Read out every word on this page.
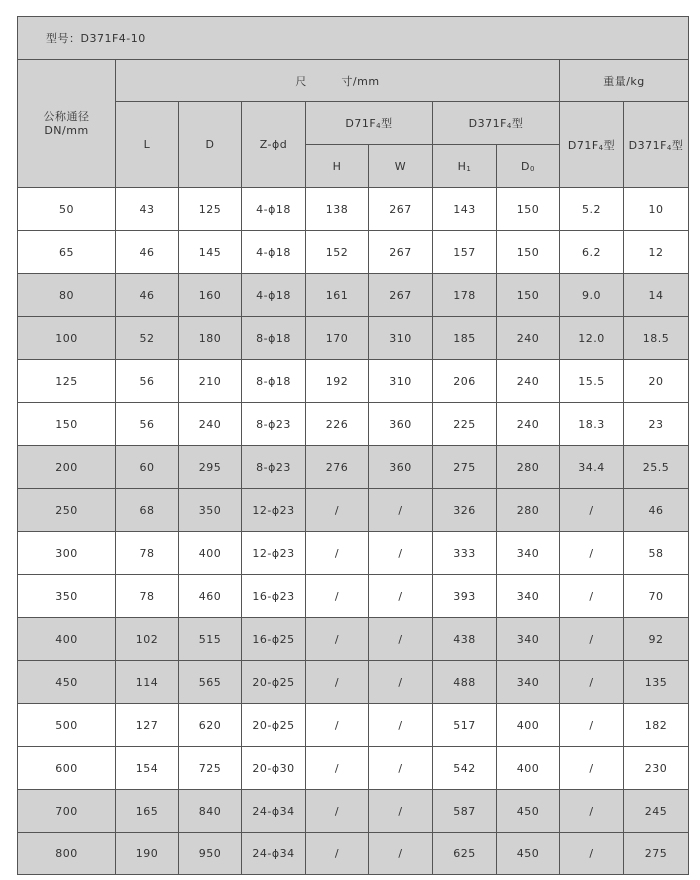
型号：D371F4-10									
公称通径
DN/mm	尺　　　寸/mm							重量/kg	
	L	D	Z-ϕd	$D71F_4$型		$D371F_4$型		$D71F_4$型	$D371F_4$型
				H	W	$H_1$	$D_0$
50	43	125	4-ϕ18	138	267	143	150	5.2	10
65	46	145	4-ϕ18	152	267	157	150	6.2	12
80	46	160	4-ϕ18	161	267	178	150	9.0	14
100	52	180	8-ϕ18	170	310	185	240	12.0	18.5
125	56	210	8-ϕ18	192	310	206	240	15.5	20
150	56	240	8-ϕ23	226	360	225	240	18.3	23
200	60	295	8-ϕ23	276	360	275	280	34.4	25.5
250	68	350	12-ϕ23	/	/	326	280	/	46
300	78	400	12-ϕ23	/	/	333	340	/	58
350	78	460	16-ϕ23	/	/	393	340	/	70
400	102	515	16-ϕ25	/	/	438	340	/	92
450	114	565	20-ϕ25	/	/	488	340	/	135
500	127	620	20-ϕ25	/	/	517	400	/	182
600	154	725	20-ϕ30	/	/	542	400	/	230
700	165	840	24-ϕ34	/	/	587	450	/	245
800	190	950	24-ϕ34	/	/	625	450	/	275
